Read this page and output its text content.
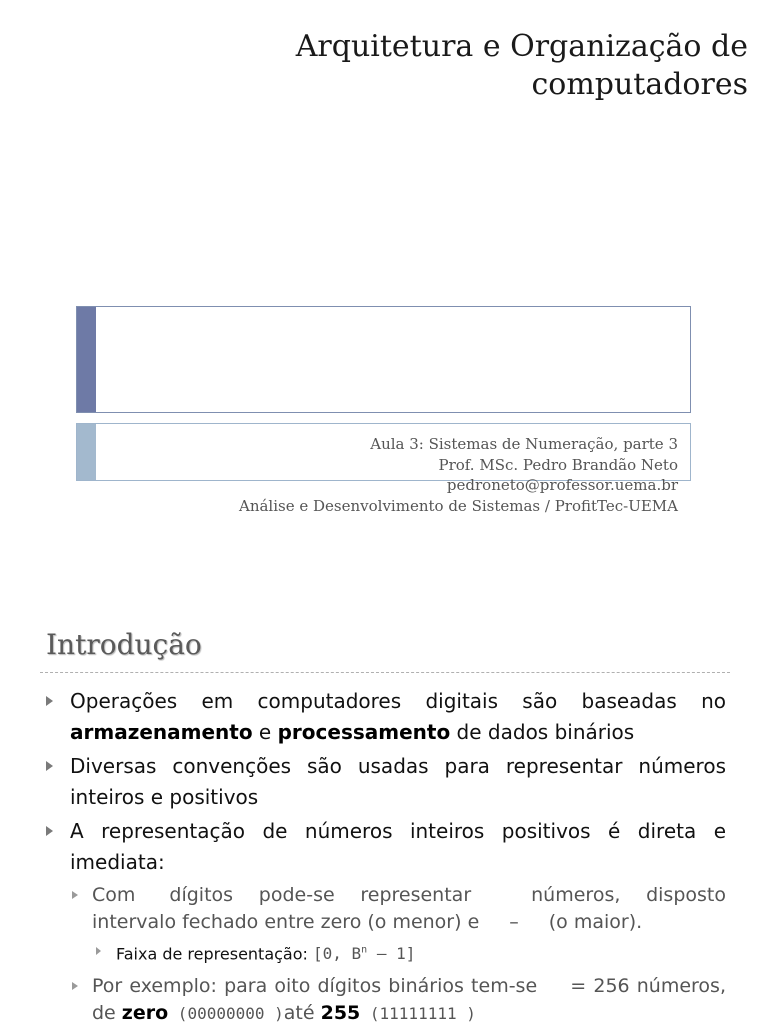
Arquitetura e Organização de
computadores
Aula 3: Sistemas de Numeração, parte 3
Prof. MSc. Pedro Brandão Neto
pedroneto@professor.uema.br
Análise e Desenvolvimento de Sistemas / ProfitTec-UEMA
Introdução
Operações em computadores digitais são baseadas no armazenamento e processamento de dados binários
Diversas convenções são usadas para representar números inteiros e positivos
A representação de números inteiros positivos é direta e imediata:
Com dígitos pode-se representar	números, disposto intervalo fechado entre zero (o menor) e – (o maior).
Faixa de representação: [0, $B^n - 1$]
Por exemplo: para oito dígitos binários tem-se = 256 números, de zero (00000000 )até 255 (11111111 )
